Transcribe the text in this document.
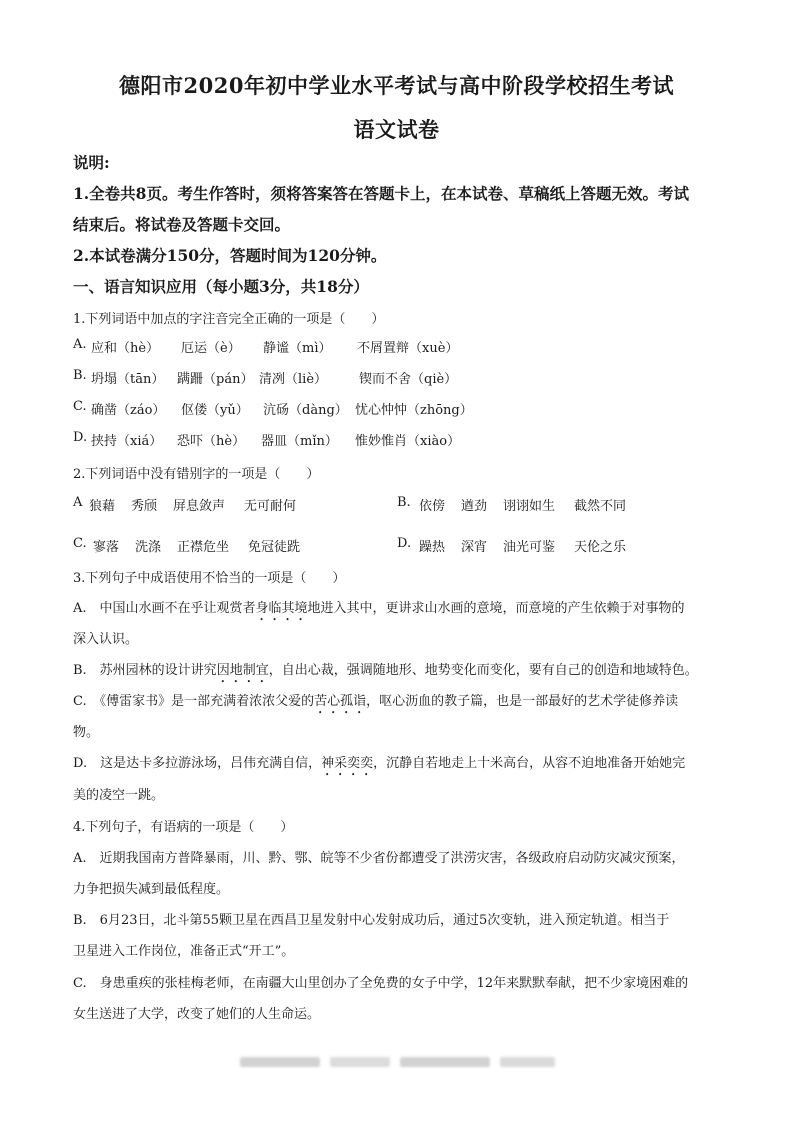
德阳市2020年初中学业水平考试与高中阶段学校招生考试
语文试卷
说明:
1.全卷共8页。考生作答时，须将答案答在答题卡上，在本试卷、草稿纸上答题无效。考试
结束后。将试卷及答题卡交回。
2.本试卷满分150分，答题时间为120分钟。
一、语言知识应用（每小题3分，共18分）
1.下列词语中加点的字注音完全正确的一项是（　　）
A. 应和（hè） 厄运（è） 静谧（mì） 不屑置辩（xuè）
B. 坍塌（tān） 蹒跚（pán） 清冽（liè） 锲而不舍（qiè）
C. 确凿（záo） 伛偻（yǔ） 沆砀（dàng） 忧心忡忡（zhōng）
D. 挟持（xiá） 恐吓（hè） 器皿（mǐn） 惟妙惟肖（xiào）
2.下列词语中没有错别字的一项是（　　）
A 狼藉 秀颀 屏息敛声 无可耐何	B. 依傍 遒劲 诩诩如生 截然不同
C. 寥落 洗涤 正襟危坐 免冠徒跣	D. 躁热 深宵 油光可鉴 天伦之乐
3.下列句子中成语使用不恰当的一项是（　　）
A.　中国山水画不在乎让观赏者身临其境地进入其中，更讲求山水画的意境，而意境的产生依赖于对事物的
深入认识。
B.　苏州园林的设计讲究因地制宜，自出心裁，强调随地形、地势变化而变化，要有自己的创造和地域特色。
C.　《傅雷家书》是一部充满着浓浓父爱的苦心孤诣，呕心沥血的教子篇，也是一部最好的艺术学徒修养读
物。
D.　这是达卡多拉游泳场，吕伟充满自信，神采奕奕，沉静自若地走上十米高台，从容不迫地准备开始她完
美的凌空一跳。
4.下列句子，有语病的一项是（　　）
A.　近期我国南方普降暴雨，川、黔、鄂、皖等不少省份都遭受了洪涝灾害，各级政府启动防灾减灾预案，
力争把损失减到最低程度。
B.　6月23日，北斗第55颗卫星在西昌卫星发射中心发射成功后，通过5次变轨，进入预定轨道。相当于
卫星进入工作岗位，准备正式“开工”。
C.　身患重疾的张桂梅老师，在南疆大山里创办了全免费的女子中学，12年来默默奉献，把不少家境困难的
女生送进了大学，改变了她们的人生命运。
